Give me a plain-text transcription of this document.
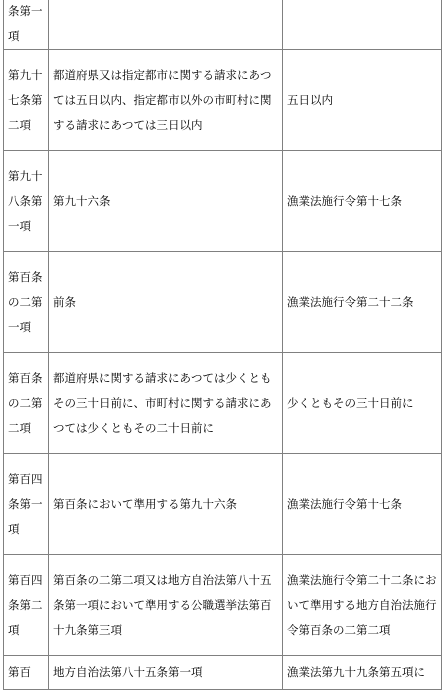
条第一項		
第九十七条第二項	都道府県又は指定都市に関する請求にあつては五日以内、指定都市以外の市町村に関する請求にあつては三日以内	五日以内
第九十八条第一項	第九十六条	漁業法施行令第十七条
第百条の二第一項	前条	漁業法施行令第二十二条
第百条の二第二項	都道府県に関する請求にあつては少くともその三十日前に、市町村に関する請求にあつては少くともその二十日前に	少くともその三十日前に
第百四条第一項	第百条において準用する第九十六条	漁業法施行令第十七条
第百四条第二項	第百条の二第二項又は地方自治法第八十五条第一項において準用する公職選挙法第百十九条第三項	漁業法施行令第二十二条において準用する地方自治法施行令第百条の二第二項
第百	地方自治法第八十五条第一項	漁業法第九十九条第五項に
